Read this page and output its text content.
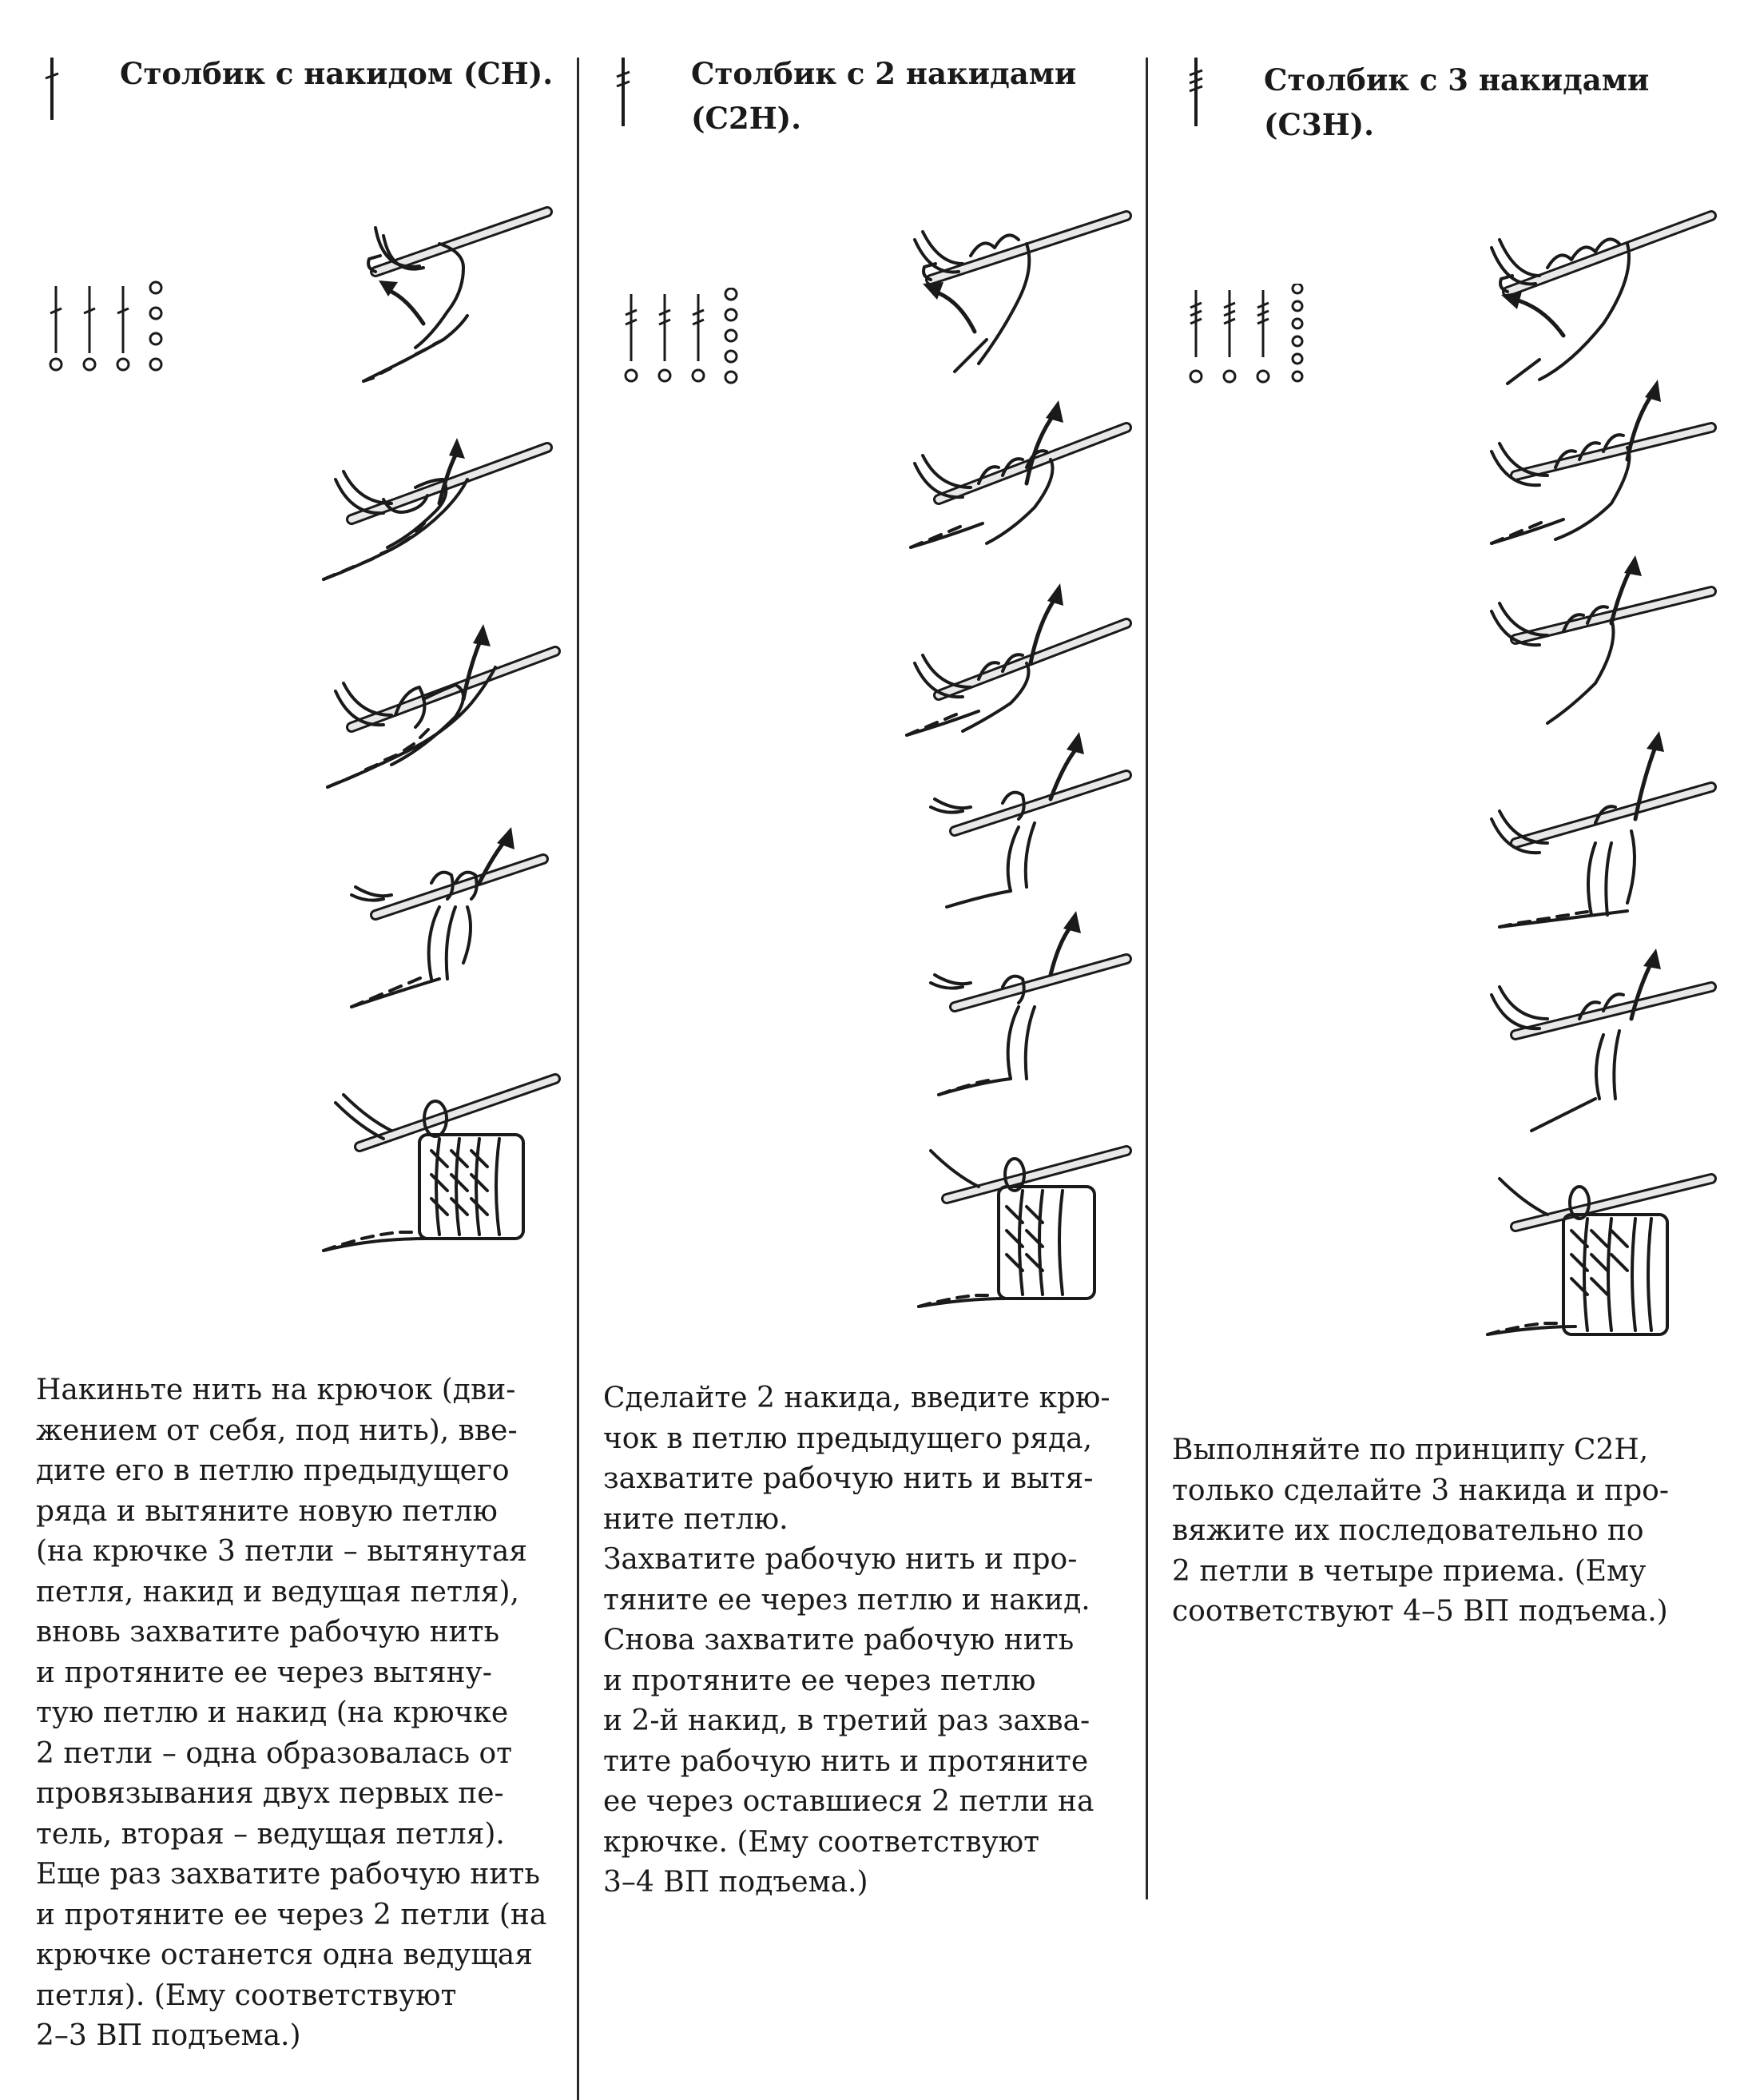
Столбик с накидом (СН).

Накиньте нить на крючок (дви-

жением от себя, под нить), вве-

дите его в петлю предыдущего

ряда и вытяните новую петлю

(на крючке 3 петли – вытянутая

петля, накид и ведущая петля),

вновь захватите рабочую нить

и протяните ее через вытяну-

тую петлю и накид (на крючке

2 петли – одна образовалась от

провязывания двух первых пе-

тель, вторая – ведущая петля).

Еще раз захватите рабочую нить

и протяните ее через 2 петли (на

крючке останется одна ведущая

петля). (Ему соответствуют

2–3 ВП подъема.)

Столбик с 2 накидами
(С2Н).

Сделайте 2 накида, введите крю-

чок в петлю предыдущего ряда,

захватите рабочую нить и вытя-

ните петлю.

Захватите рабочую нить и про-

тяните ее через петлю и накид.

Снова захватите рабочую нить

и протяните ее через петлю

и 2-й накид, в третий раз захва-

тите рабочую нить и протяните

ее через оставшиеся 2 петли на

крючке. (Ему соответствуют

3–4 ВП подъема.)

Столбик с 3 накидами
(С3Н).

Выполняйте по принципу С2Н,

только сделайте 3 накида и про-

вяжите их последовательно по

2 петли в четыре приема. (Ему

соответствуют 4–5 ВП подъема.)
